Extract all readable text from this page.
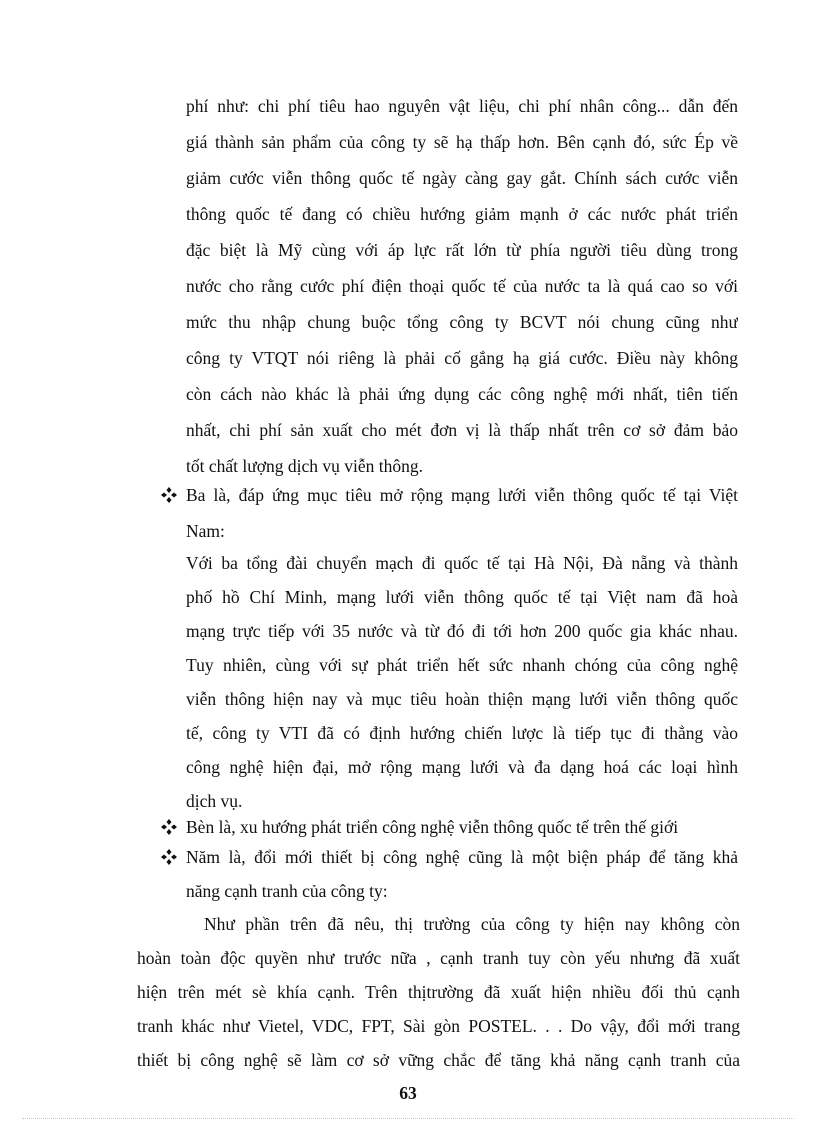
phí như: chi phí tiêu hao nguyên vật liệu, chi phí nhân công... dẫn đến

giá thành sản phẩm của công ty sẽ hạ thấp hơn. Bên cạnh đó, sức Ép về

giảm cước viễn thông quốc tế ngày càng gay gắt. Chính sách cước viễn

thông quốc tế đang có chiều hướng giảm mạnh ở các nước phát triển

đặc biệt là Mỹ cùng với áp lực rất lớn từ phía người tiêu dùng trong

nước cho rằng cước phí điện thoại quốc tế của nước ta là quá cao so với

mức thu nhập chung buộc tổng công ty BCVT nói chung cũng như

công ty VTQT nói riêng là phải cố gắng hạ giá cước. Điều này không

còn cách nào khác là phải ứng dụng các công nghệ mới nhất, tiên tiến

nhất, chi phí sản xuất cho mét đơn vị là thấp nhất trên cơ sở đảm bảo

tốt chất lượng dịch vụ viễn thông.

Ba là, đáp ứng mục tiêu mở rộng mạng lưới viễn thông quốc tế tại Việt

Nam:

Với ba tổng đài chuyển mạch đi quốc tế tại Hà Nội, Đà nẵng và thành

phố hồ Chí Minh, mạng lưới viễn thông quốc tế tại Việt nam đã hoà

mạng trực tiếp với 35 nước và từ đó đi tới hơn 200 quốc gia khác nhau.

Tuy nhiên, cùng với sự phát triển hết sức nhanh chóng của công nghệ

viễn thông hiện nay và mục tiêu hoàn thiện mạng lưới viễn thông quốc

tế, công ty VTI đã có định hướng chiến lược là tiếp tục đi thẳng vào

công nghệ hiện đại, mở rộng mạng lưới và đa dạng hoá các loại hình

dịch vụ.

Bèn là, xu hướng phát triển công nghệ viễn thông quốc tế trên thế giới

Năm là, đổi mới thiết bị công nghệ cũng là một biện pháp để tăng khả

năng cạnh tranh của công ty:

Như phần trên đã nêu, thị trường của công ty hiện nay không còn

hoàn toàn độc quyền như trước nữa , cạnh tranh tuy còn yếu nhưng đã xuất

hiện trên mét sè khía cạnh. Trên thịtrường đã xuất hiện nhiều đối thủ cạnh

tranh khác như Vietel, VDC, FPT, Sài gòn POSTEL. . . Do vậy, đổi mới trang

thiết bị công nghệ sẽ làm cơ sở vững chắc để tăng khả năng cạnh tranh của

63
